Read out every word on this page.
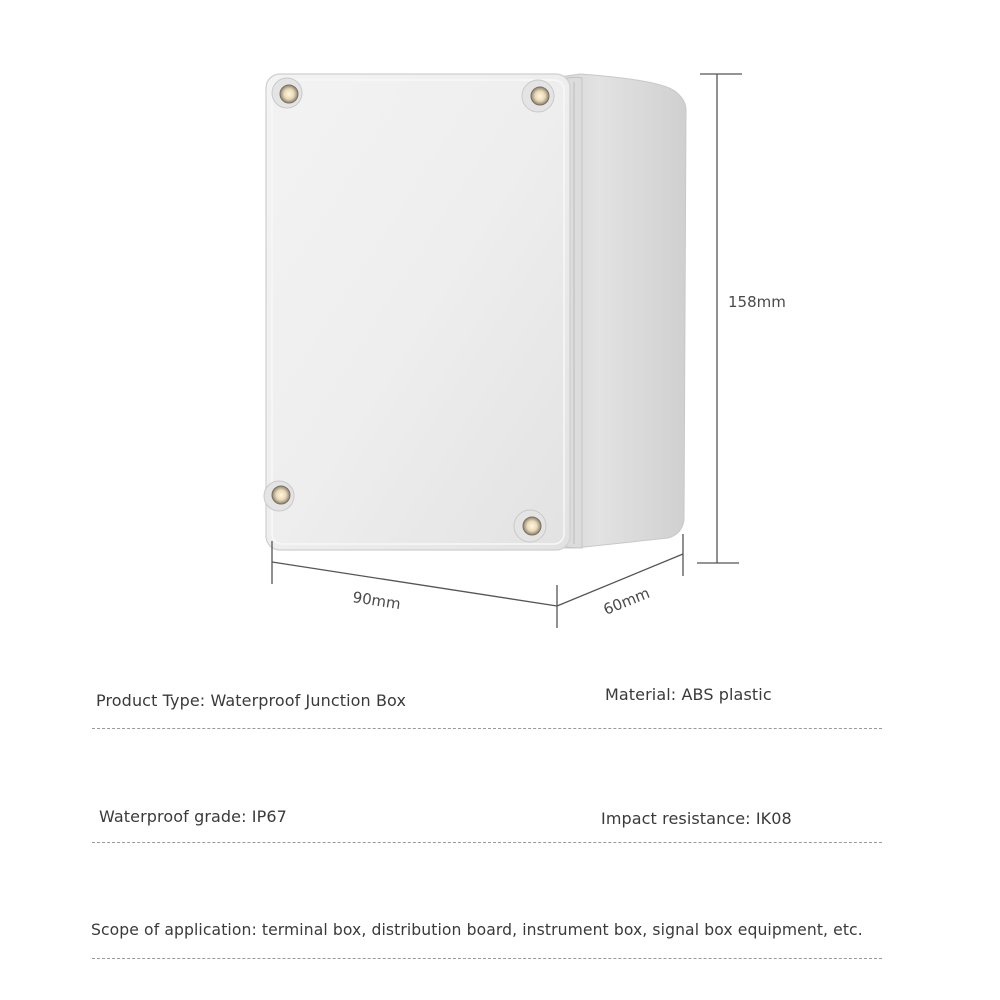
158mm
90mm	60mm
Product Type: Waterproof Junction Box	Material: ABS plastic
Waterproof grade: IP67	Impact resistance: IK08
Scope of application: terminal box, distribution board, instrument box, signal box equipment, etc.
